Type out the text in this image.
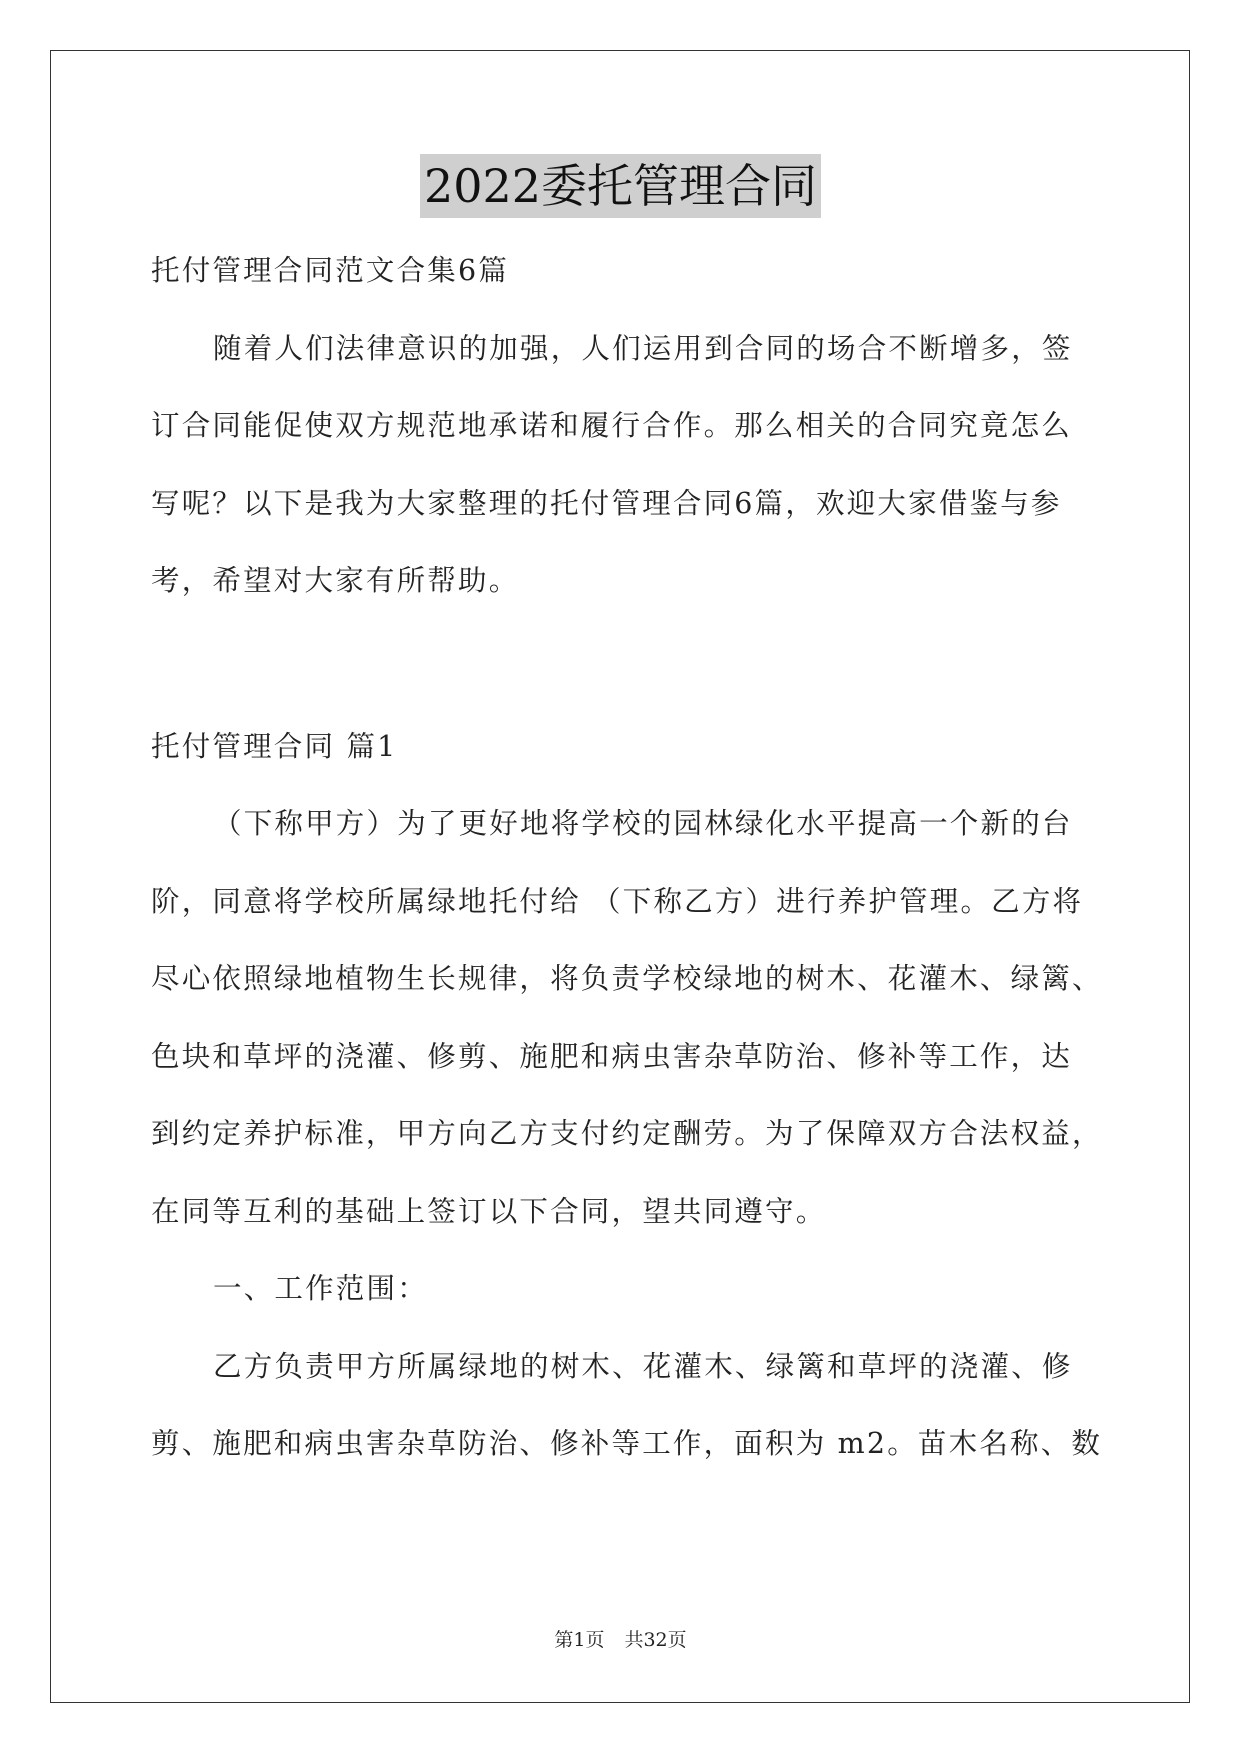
2022委托管理合同
托付管理合同范文合集6篇
随着人们法律意识的加强，人们运用到合同的场合不断增多，签
订合同能促使双方规范地承诺和履行合作。那么相关的合同究竟怎么
写呢？以下是我为大家整理的托付管理合同6篇，欢迎大家借鉴与参
考，希望对大家有所帮助。
托付管理合同 篇1
（下称甲方）为了更好地将学校的园林绿化水平提高一个新的台
阶，同意将学校所属绿地托付给 （下称乙方）进行养护管理。乙方将
尽心依照绿地植物生长规律，将负责学校绿地的树木、花灌木、绿篱、
色块和草坪的浇灌、修剪、施肥和病虫害杂草防治、修补等工作，达
到约定养护标准，甲方向乙方支付约定酬劳。为了保障双方合法权益，
在同等互利的基础上签订以下合同，望共同遵守。
一、工作范围：
乙方负责甲方所属绿地的树木、花灌木、绿篱和草坪的浇灌、修
剪、施肥和病虫害杂草防治、修补等工作，面积为 m2。苗木名称、数
第1页 共32页
